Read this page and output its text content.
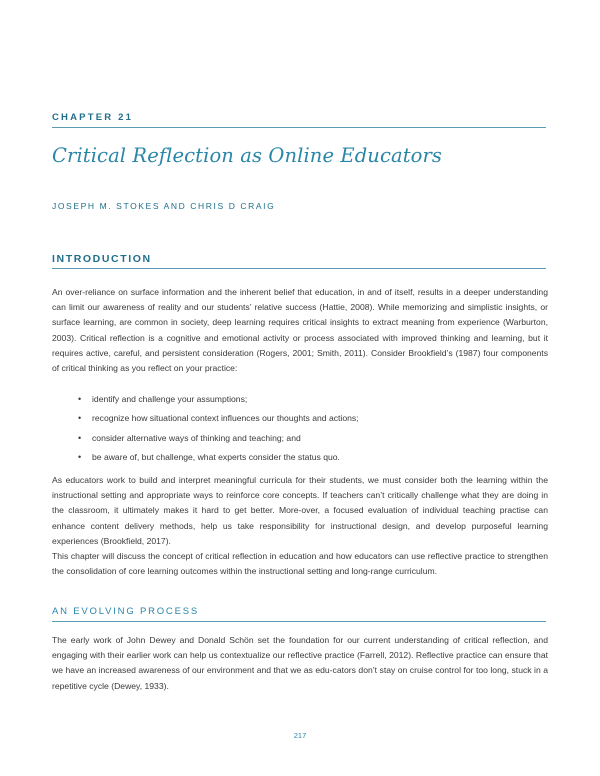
CHAPTER 21
Critical Reflection as Online Educators
JOSEPH M. STOKES AND CHRIS D CRAIG
INTRODUCTION
An over-reliance on surface information and the inherent belief that education, in and of itself, results in a deeper understanding can limit our awareness of reality and our students’ relative success (Hattie, 2008). While memorizing and simplistic insights, or surface learning, are common in society, deep learning requires critical insights to extract meaning from experience (Warburton, 2003). Critical reflection is a cognitive and emotional activity or process associated with improved thinking and learning, but it requires active, careful, and persistent consideration (Rogers, 2001; Smith, 2011). Consider Brookfield’s (1987) four components of critical thinking as you reflect on your practice:
• identify and challenge your assumptions;
• recognize how situational context influences our thoughts and actions;
• consider alternative ways of thinking and teaching; and
• be aware of, but challenge, what experts consider the status quo.
As educators work to build and interpret meaningful curricula for their students, we must consider both the learning within the instructional setting and appropriate ways to reinforce core concepts. If teachers can’t critically challenge what they are doing in the classroom, it ultimately makes it hard to get better. More-over, a focused evaluation of individual teaching practise can enhance content delivery methods, help us take responsibility for instructional design, and develop purposeful learning experiences (Brookfield, 2017).
This chapter will discuss the concept of critical reflection in education and how educators can use reflective practice to strengthen the consolidation of core learning outcomes within the instructional setting and long-range curriculum.
AN EVOLVING PROCESS
The early work of John Dewey and Donald Schön set the foundation for our current understanding of critical reflection, and engaging with their earlier work can help us contextualize our reflective practice (Farrell, 2012). Reflective practice can ensure that we have an increased awareness of our environment and that we as edu-cators don’t stay on cruise control for too long, stuck in a repetitive cycle (Dewey, 1933).
217
